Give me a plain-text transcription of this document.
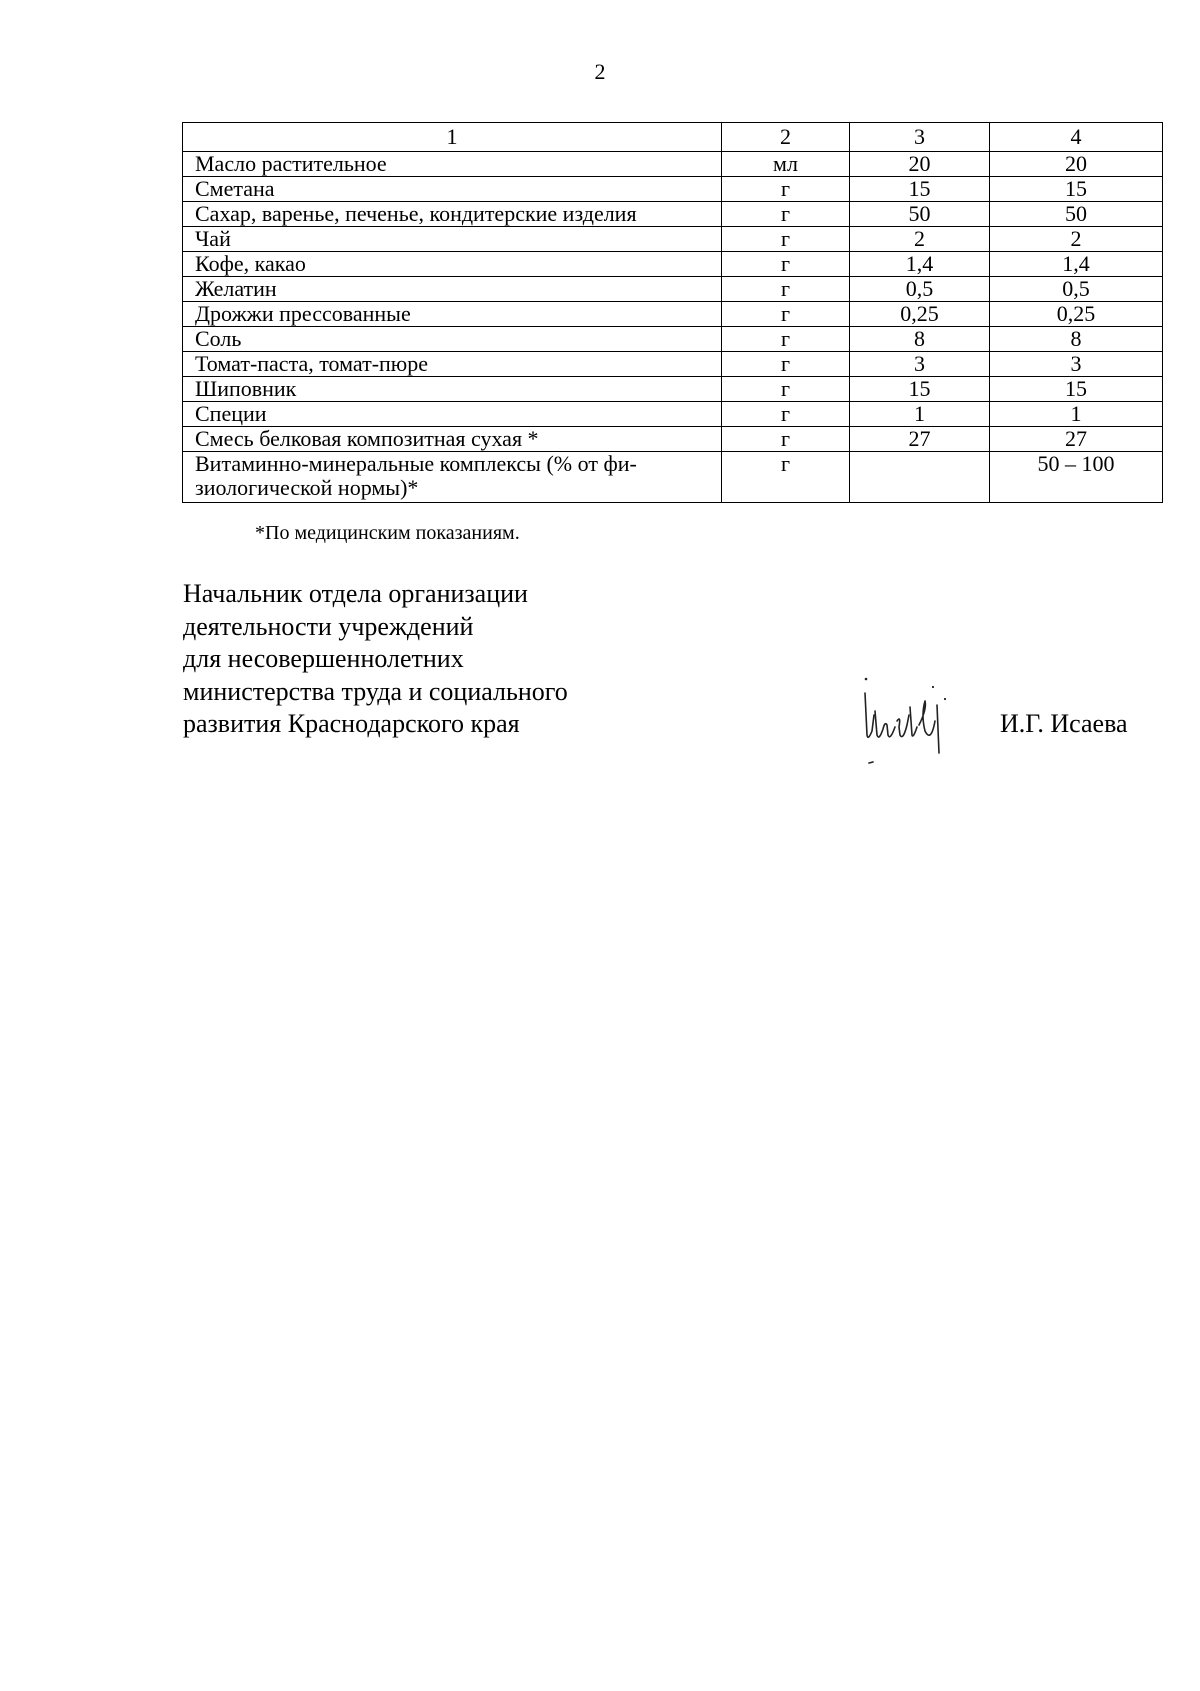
2
1	2	3	4
Масло растительное	мл	20	20
Сметана	г	15	15
Сахар, варенье, печенье, кондитерские изделия	г	50	50
Чай	г	2	2
Кофе, какао	г	1,4	1,4
Желатин	г	0,5	0,5
Дрожжи прессованные	г	0,25	0,25
Соль	г	8	8
Томат-паста, томат-пюре	г	3	3
Шиповник	г	15	15
Специи	г	1	1
Смесь белковая композитная сухая *	г	27	27

Витаминно-минеральные комплексы (% от фи-
зиологической нормы)*	г		50 – 100
*По медицинским показаниям.
Начальник отдела организации
деятельности учреждений
для несовершеннолетних
министерства труда и социального
развития Краснодарского края	И.Г. Исаева
